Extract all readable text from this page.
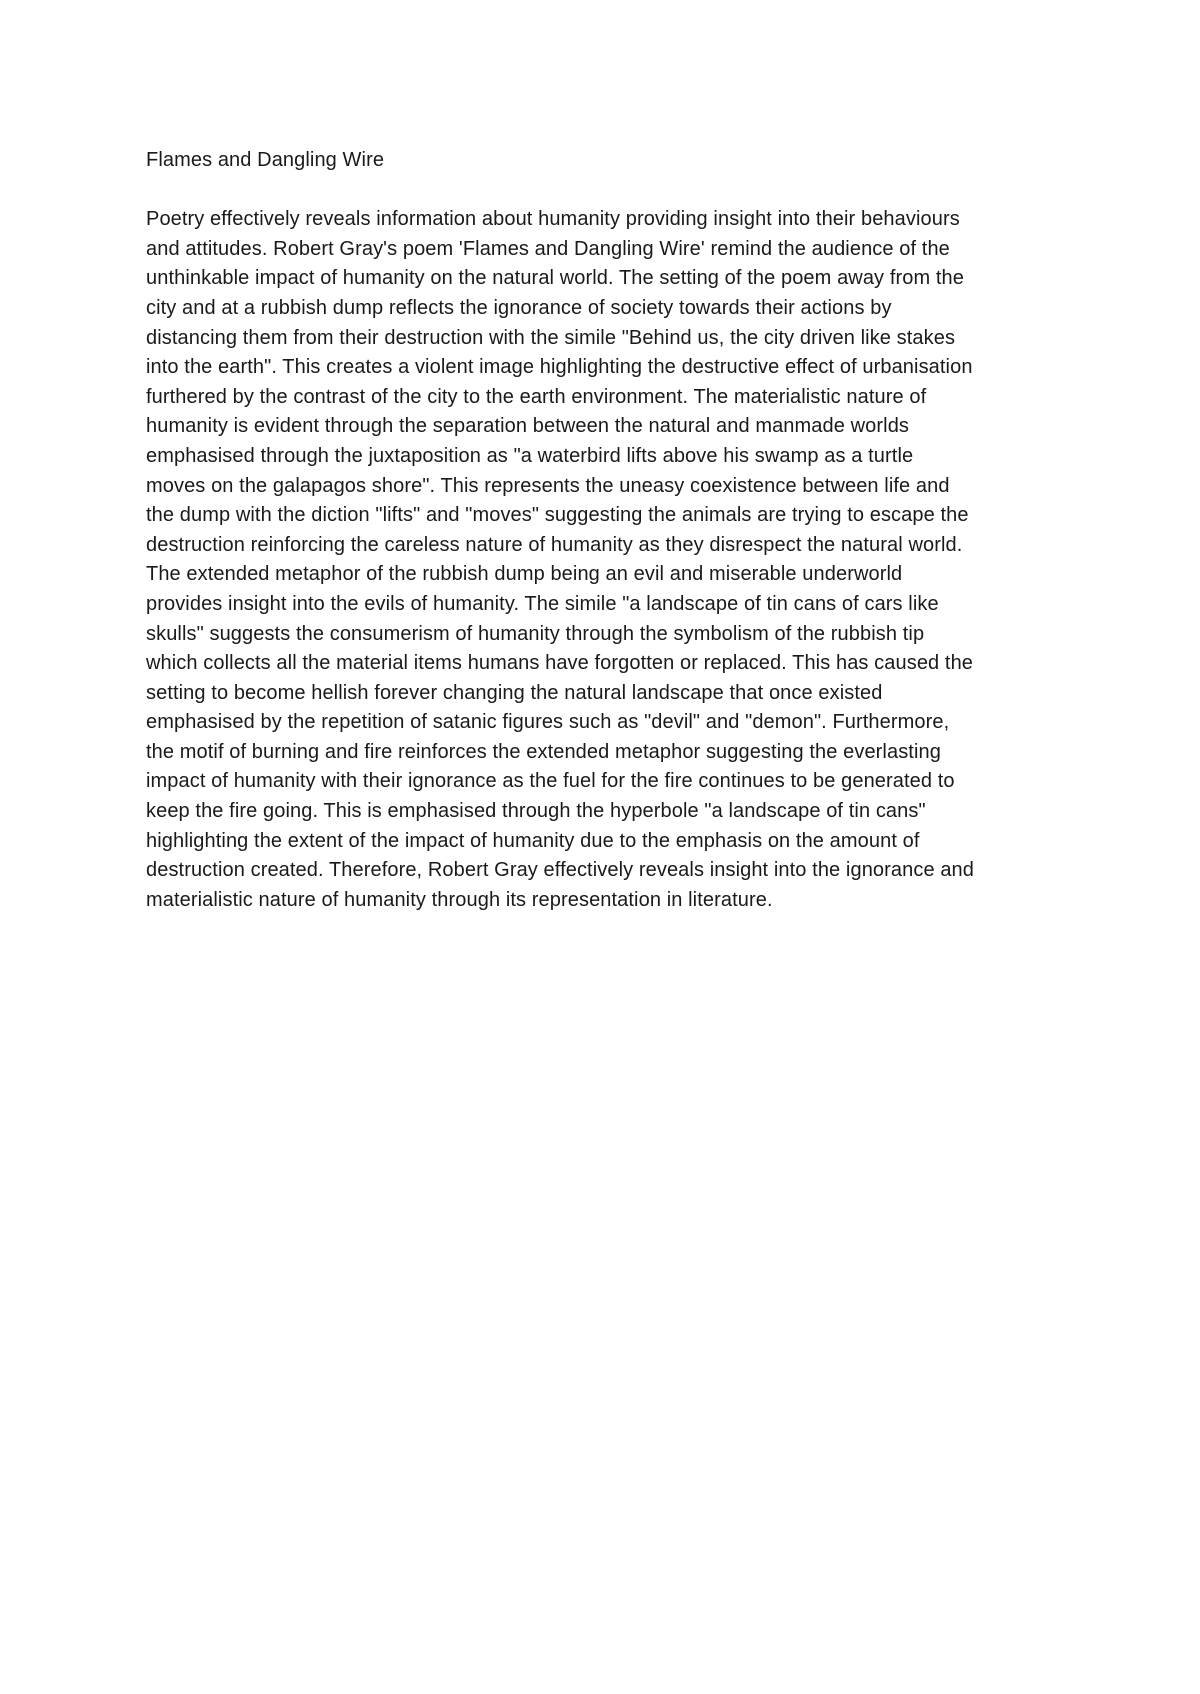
Flames and Dangling Wire
Poetry effectively reveals information about humanity providing insight into their behaviours
and attitudes. Robert Gray's poem 'Flames and Dangling Wire' remind the audience of the
unthinkable impact of humanity on the natural world. The setting of the poem away from the
city and at a rubbish dump reflects the ignorance of society towards their actions by
distancing them from their destruction with the simile "Behind us, the city driven like stakes
into the earth". This creates a violent image highlighting the destructive effect of urbanisation
furthered by the contrast of the city to the earth environment. The materialistic nature of
humanity is evident through the separation between the natural and manmade worlds
emphasised through the juxtaposition as "a waterbird lifts above his swamp as a turtle
moves on the galapagos shore". This represents the uneasy coexistence between life and
the dump with the diction "lifts" and "moves" suggesting the animals are trying to escape the
destruction reinforcing the careless nature of humanity as they disrespect the natural world.
The extended metaphor of the rubbish dump being an evil and miserable underworld
provides insight into the evils of humanity. The simile "a landscape of tin cans of cars like
skulls" suggests the consumerism of humanity through the symbolism of the rubbish tip
which collects all the material items humans have forgotten or replaced. This has caused the
setting to become hellish forever changing the natural landscape that once existed
emphasised by the repetition of satanic figures such as "devil" and "demon". Furthermore,
the motif of burning and fire reinforces the extended metaphor suggesting the everlasting
impact of humanity with their ignorance as the fuel for the fire continues to be generated to
keep the fire going. This is emphasised through the hyperbole "a landscape of tin cans"
highlighting the extent of the impact of humanity due to the emphasis on the amount of
destruction created. Therefore, Robert Gray effectively reveals insight into the ignorance and
materialistic nature of humanity through its representation in literature.
